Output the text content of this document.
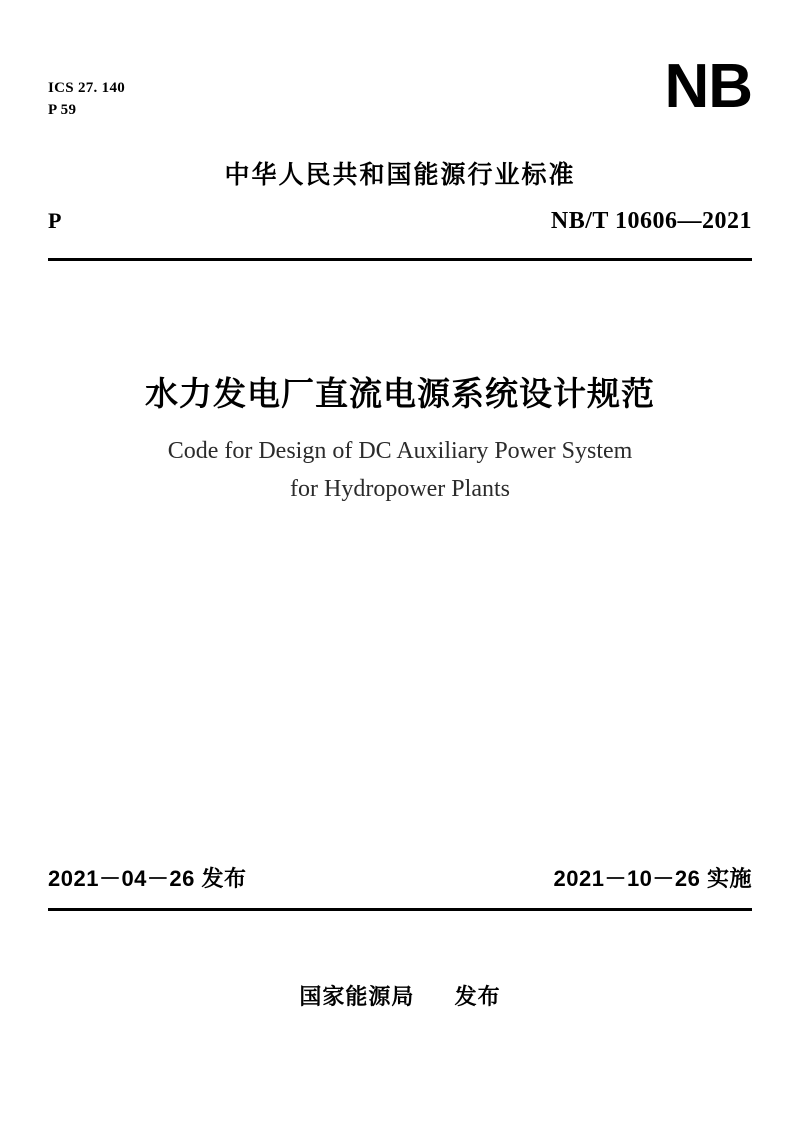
ICS 27. 140
P 59	NB
中华人民共和国能源行业标准
P	NB/T 10606—2021
水力发电厂直流电源系统设计规范
Code for Design of DC Auxiliary Power System
for Hydropower Plants
2021－04－26 发布	2021－10－26 实施
国家能源局 发布
